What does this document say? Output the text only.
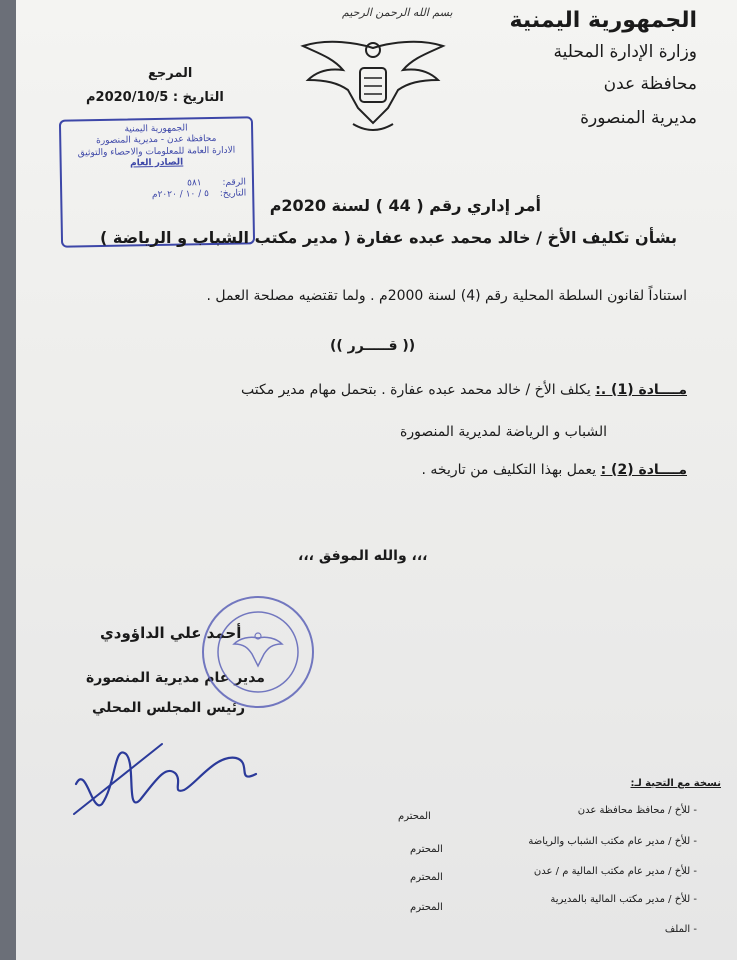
الجمهورية اليمنية
وزارة الإدارة المحلية
محافظة عدن
مديرية المنصورة
بسم الله الرحمن الرحيم
المرجع
التاريخ : 2020/10/5م
الجمهورية اليمنية
محافظة عدن - مديرية المنصورة
الادارة العامة للمعلومات والاحصاء والتوثيق
الصادر العام
الرقم: ٥٨١
التاريخ: ٥ / ١٠ / ٢٠٢٠م
أمر إداري رقم ( 44 ) لسنة 2020م
بشأن تكليف الأخ / خالد محمد عبده عفارة ( مدير مكتب الشباب و الرياضة )
استناداً لقانون السلطة المحلية رقم (4) لسنة 2000م . ولما تقتضيه مصلحة العمل .
(( قـــــرر ))
مــــادة (1) .: يكلف الأخ / خالد محمد عبده عفارة . بتحمل مهام مدير مكتب
الشباب و الرياضة لمديرية المنصورة
مــــادة (2) : يعمل بهذا التكليف من تاريخه .
،،، والله الموفق ،،،
أحمد علي الداؤودي
مدير عام مديرية المنصورة
رئيس المجلس المحلي
نسخة مع التحية لـ:
- للأخ / محافظ محافظة عدن
المحترم
- للأخ / مدير عام مكتب الشباب والرياضة
المحترم
- للأخ / مدير عام مكتب المالية م / عدن
المحترم
- للأخ / مدير مكتب المالية بالمديرية
المحترم
- الملف
